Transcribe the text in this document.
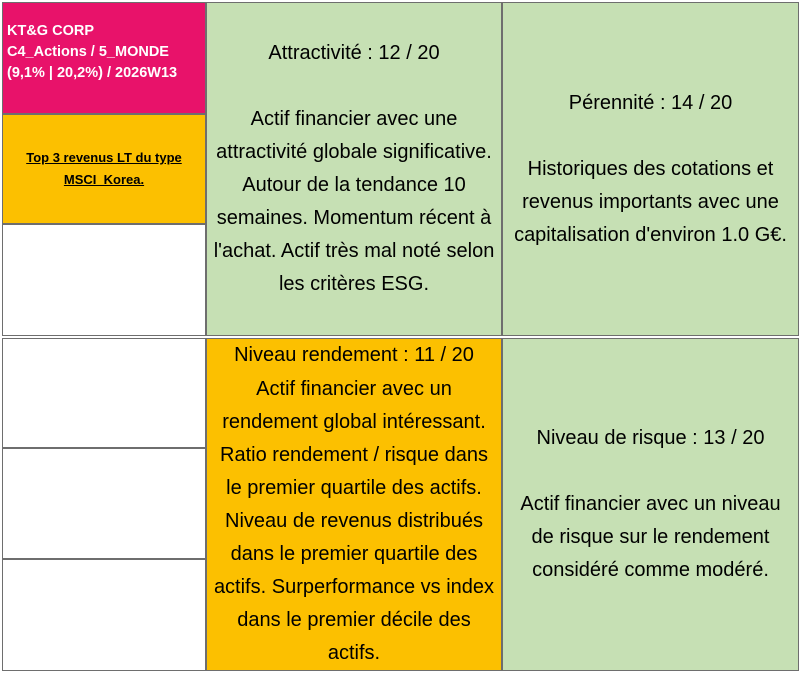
KT&G CORP
C4_Actions / 5_MONDE
(9,1% | 20,2%) / 2026W13
Top 3 revenus LT du type
MSCI_Korea.
Attractivité : 12 / 20
Actif financier avec une attractivité globale significative. Autour de la tendance 10 semaines. Momentum récent à l'achat. Actif très mal noté selon les critères ESG.
Niveau rendement : 11 / 20
Actif financier avec un rendement global intéressant. Ratio rendement / risque dans le premier quartile des actifs. Niveau de revenus distribués dans le premier quartile des actifs. Surperformance vs index dans le premier décile des actifs.
Pérennité : 14 / 20
Historiques des cotations et revenus importants avec une capitalisation d'environ 1.0 G€.
Niveau de risque : 13 / 20
Actif financier avec un niveau de risque sur le rendement considéré comme modéré.
